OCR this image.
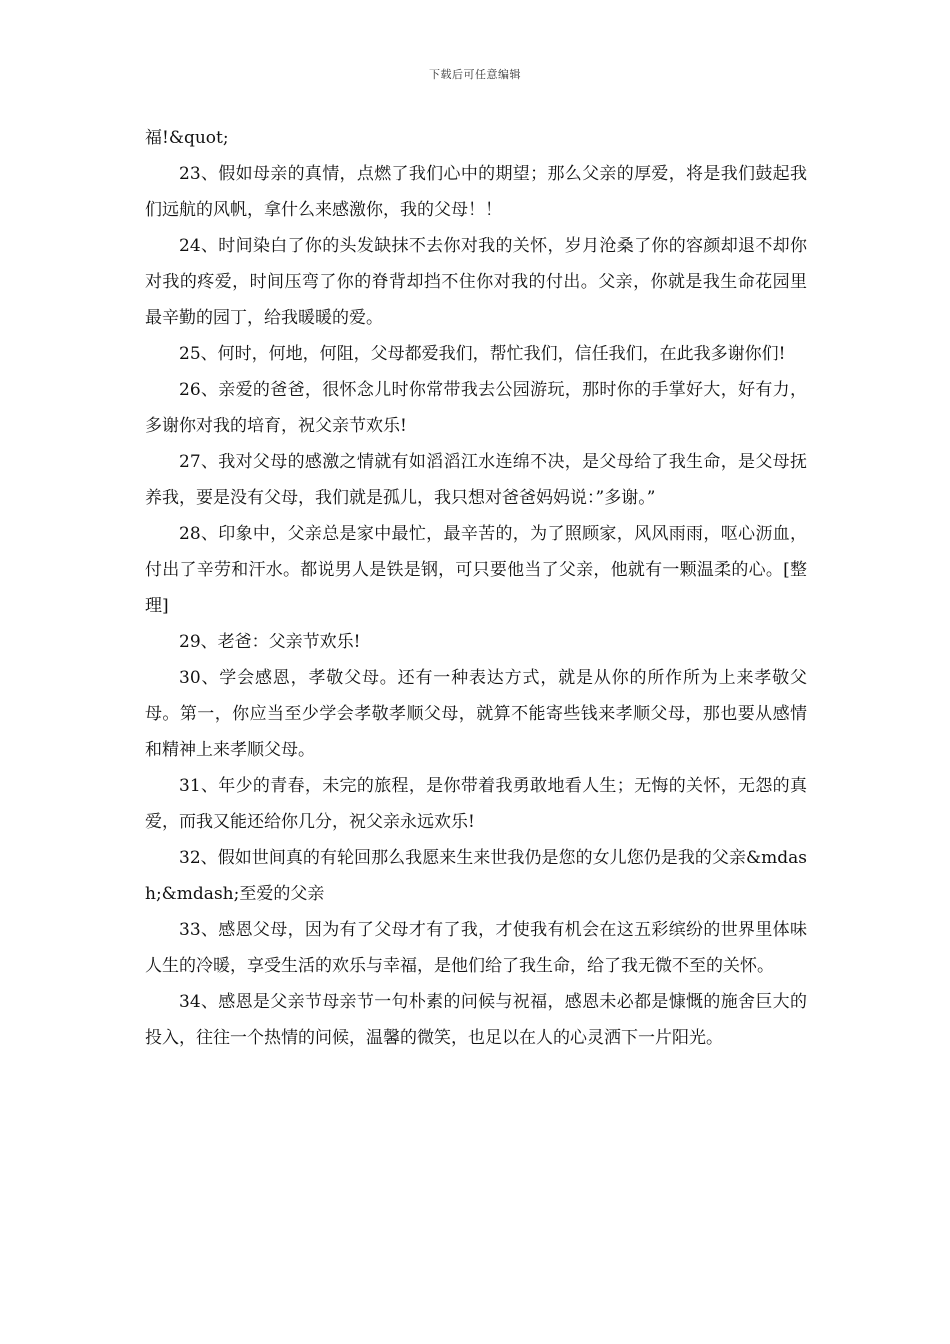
下载后可任意编辑

福!&quot;

23、假如母亲的真情，点燃了我们心中的期望；那么父亲的厚爱，将是我们鼓起我们远航的风帆，拿什么来感激你，我的父母！！

24、时间染白了你的头发缺抹不去你对我的关怀，岁月沧桑了你的容颜却退不却你对我的疼爱，时间压弯了你的脊背却挡不住你对我的付出。父亲，你就是我生命花园里最辛勤的园丁，给我暖暖的爱。

25、何时，何地，何阻，父母都爱我们，帮忙我们，信任我们，在此我多谢你们!

26、亲爱的爸爸，很怀念儿时你常带我去公园游玩，那时你的手掌好大，好有力，多谢你对我的培育，祝父亲节欢乐!

27、我对父母的感激之情就有如滔滔江水连绵不决，是父母给了我生命，是父母抚养我，要是没有父母，我们就是孤儿，我只想对爸爸妈妈说：”多谢。”

28、印象中，父亲总是家中最忙，最辛苦的，为了照顾家，风风雨雨，呕心沥血，付出了辛劳和汗水。都说男人是铁是钢，可只要他当了父亲，他就有一颗温柔的心。[整理]

29、老爸：父亲节欢乐!

30、学会感恩，孝敬父母。还有一种表达方式，就是从你的所作所为上来孝敬父母。第一，你应当至少学会孝敬孝顺父母，就算不能寄些钱来孝顺父母，那也要从感情和精神上来孝顺父母。

31、年少的青春，未完的旅程，是你带着我勇敢地看人生；无悔的关怀，无怨的真爱，而我又能还给你几分，祝父亲永远欢乐!

32、假如世间真的有轮回那么我愿来生来世我仍是您的女儿您仍是我的父亲&mdash;&mdash;至爱的父亲

33、感恩父母，因为有了父母才有了我，才使我有机会在这五彩缤纷的世界里体味人生的冷暖，享受生活的欢乐与幸福，是他们给了我生命，给了我无微不至的关怀。

34、感恩是父亲节母亲节一句朴素的问候与祝福，感恩未必都是慷慨的施舍巨大的投入，往往一个热情的问候，温馨的微笑，也足以在人的心灵洒下一片阳光。
